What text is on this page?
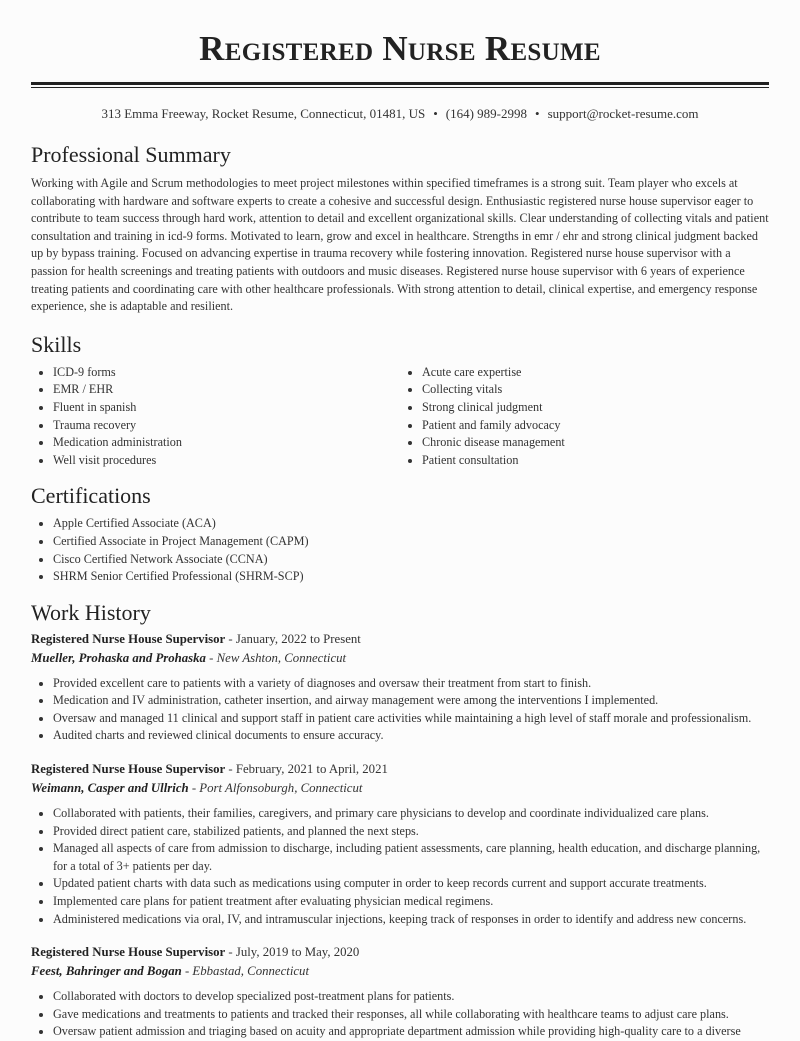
Registered Nurse Resume
313 Emma Freeway, Rocket Resume, Connecticut, 01481, US • (164) 989-2998 • support@rocket-resume.com
Professional Summary
Working with Agile and Scrum methodologies to meet project milestones within specified timeframes is a strong suit. Team player who excels at collaborating with hardware and software experts to create a cohesive and successful design. Enthusiastic registered nurse house supervisor eager to contribute to team success through hard work, attention to detail and excellent organizational skills. Clear understanding of collecting vitals and patient consultation and training in icd-9 forms. Motivated to learn, grow and excel in healthcare. Strengths in emr / ehr and strong clinical judgment backed up by bypass training. Focused on advancing expertise in trauma recovery while fostering innovation. Registered nurse house supervisor with a passion for health screenings and treating patients with outdoors and music diseases. Registered nurse house supervisor with 6 years of experience treating patients and coordinating care with other healthcare professionals. With strong attention to detail, clinical expertise, and emergency response experience, she is adaptable and resilient.
Skills
• ICD-9 forms
• EMR / EHR
• Fluent in spanish
• Trauma recovery
• Medication administration
• Well visit procedures
• Acute care expertise
• Collecting vitals
• Strong clinical judgment
• Patient and family advocacy
• Chronic disease management
• Patient consultation
Certifications
• Apple Certified Associate (ACA)
• Certified Associate in Project Management (CAPM)
• Cisco Certified Network Associate (CCNA)
• SHRM Senior Certified Professional (SHRM-SCP)
Work History
Registered Nurse House Supervisor - January, 2022 to Present
Mueller, Prohaska and Prohaska - New Ashton, Connecticut
• Provided excellent care to patients with a variety of diagnoses and oversaw their treatment from start to finish.
• Medication and IV administration, catheter insertion, and airway management were among the interventions I implemented.
• Oversaw and managed 11 clinical and support staff in patient care activities while maintaining a high level of staff morale and professionalism.
• Audited charts and reviewed clinical documents to ensure accuracy.
Registered Nurse House Supervisor - February, 2021 to April, 2021
Weimann, Casper and Ullrich - Port Alfonsoburgh, Connecticut
• Collaborated with patients, their families, caregivers, and primary care physicians to develop and coordinate individualized care plans.
• Provided direct patient care, stabilized patients, and planned the next steps.
• Managed all aspects of care from admission to discharge, including patient assessments, care planning, health education, and discharge planning, for a total of 3+ patients per day.
• Updated patient charts with data such as medications using computer in order to keep records current and support accurate treatments.
• Implemented care plans for patient treatment after evaluating physician medical regimens.
• Administered medications via oral, IV, and intramuscular injections, keeping track of responses in order to identify and address new concerns.
Registered Nurse House Supervisor - July, 2019 to May, 2020
Feest, Bahringer and Bogan - Ebbastad, Connecticut
• Collaborated with doctors to develop specialized post-treatment plans for patients.
• Gave medications and treatments to patients and tracked their responses, all while collaborating with healthcare teams to adjust care plans.
• Oversaw patient admission and triaging based on acuity and appropriate department admission while providing high-quality care to a diverse
